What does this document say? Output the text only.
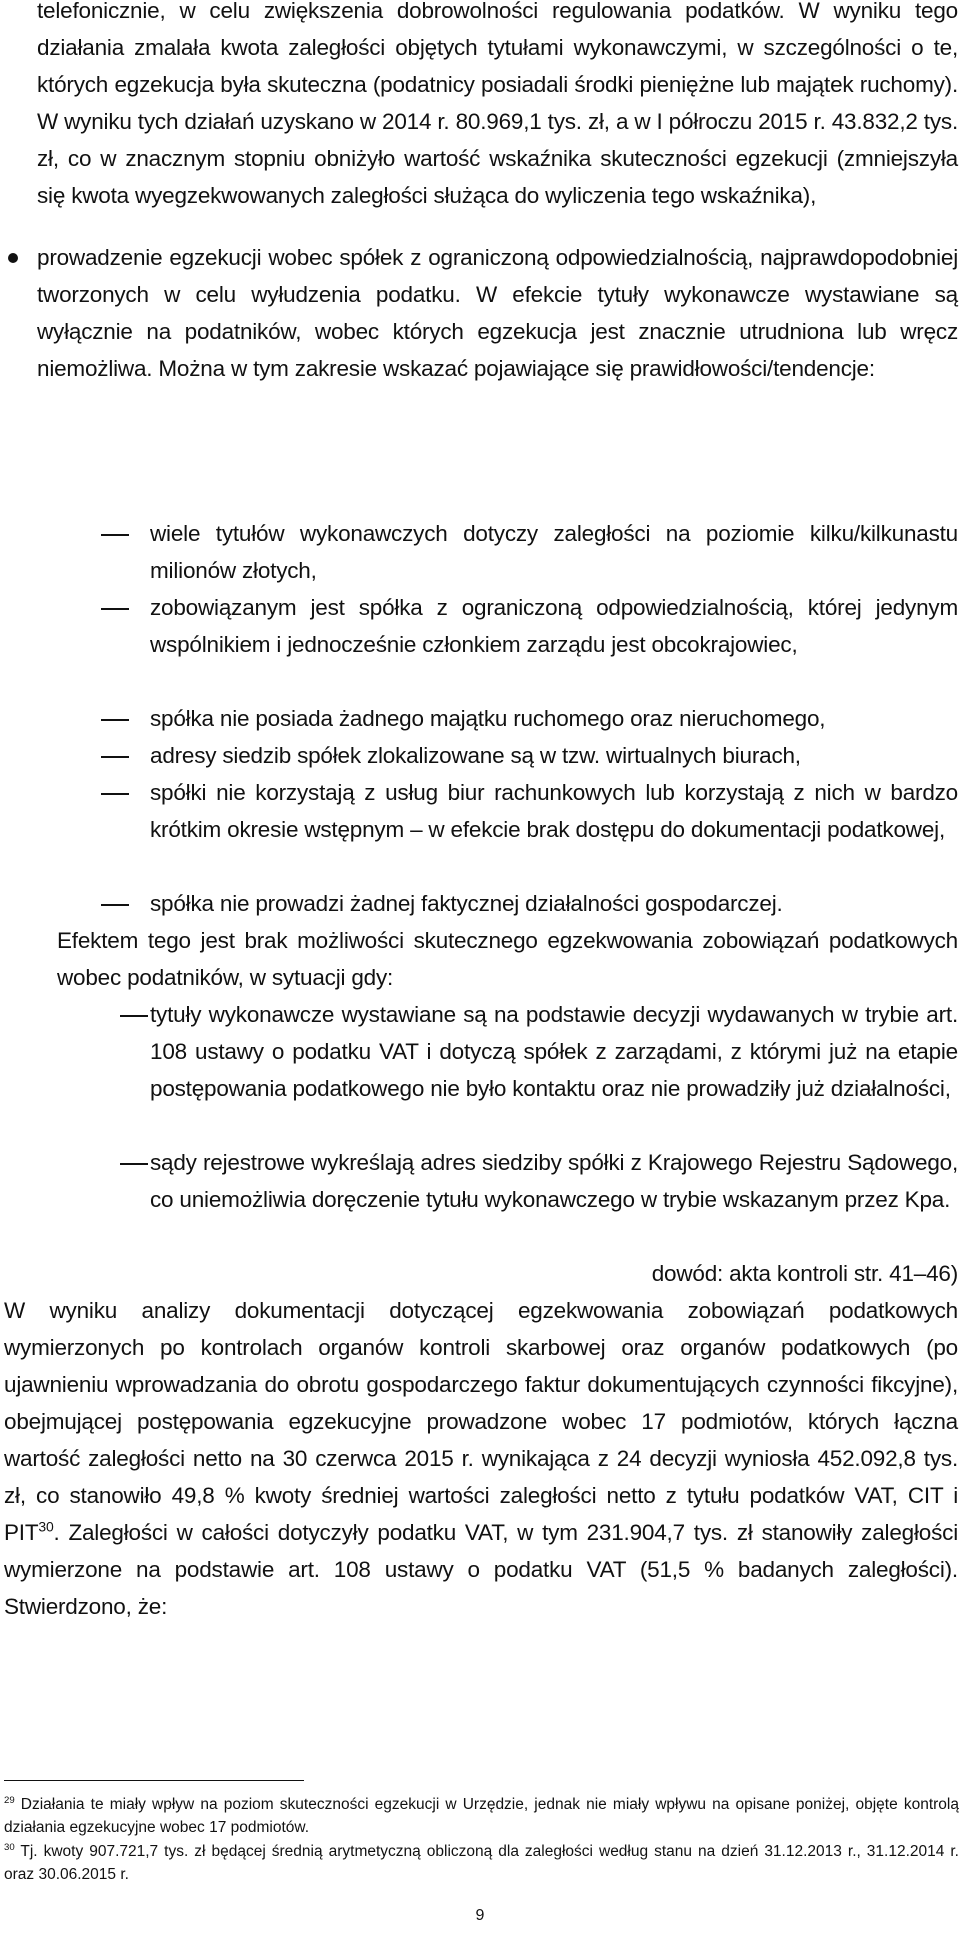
telefonicznie, w celu zwiększenia dobrowolności regulowania podatków. W wyniku tego działania zmalała kwota zaległości objętych tytułami wykonawczymi, w szczególności o te, których egzekucja była skuteczna (podatnicy posiadali środki pieniężne lub majątek ruchomy). W wyniku tych działań uzyskano w 2014 r. 80.969,1 tys. zł, a w I półroczu 2015 r. 43.832,2 tys. zł, co w znacznym stopniu obniżyło wartość wskaźnika skuteczności egzekucji (zmniejszyła się kwota wyegzekwowanych zaległości służąca do wyliczenia tego wskaźnika),
prowadzenie egzekucji wobec spółek z ograniczoną odpowiedzialnością, najprawdopodobniej tworzonych w celu wyłudzenia podatku. W efekcie tytuły wykonawcze wystawiane są wyłącznie na podatników, wobec których egzekucja jest znacznie utrudniona lub wręcz niemożliwa. Można w tym zakresie wskazać pojawiające się prawidłowości/tendencje:
wiele tytułów wykonawczych dotyczy zaległości na poziomie kilku/kilkunastu milionów złotych,
zobowiązanym jest spółka z ograniczoną odpowiedzialnością, której jedynym wspólnikiem i jednocześnie członkiem zarządu jest obcokrajowiec,
spółka nie posiada żadnego majątku ruchomego oraz nieruchomego,
adresy siedzib spółek zlokalizowane są w tzw. wirtualnych biurach,
spółki nie korzystają z usług biur rachunkowych lub korzystają z nich w bardzo krótkim okresie wstępnym – w efekcie brak dostępu do dokumentacji podatkowej,
spółka nie prowadzi żadnej faktycznej działalności gospodarczej.
Efektem tego jest brak możliwości skutecznego egzekwowania zobowiązań podatkowych wobec podatników, w sytuacji gdy:
tytuły wykonawcze wystawiane są na podstawie decyzji wydawanych w trybie art. 108 ustawy o podatku VAT i dotyczą spółek z zarządami, z którymi już na etapie postępowania podatkowego nie było kontaktu oraz nie prowadziły już działalności,
sądy rejestrowe wykreślają adres siedziby spółki z Krajowego Rejestru Sądowego, co uniemożliwia doręczenie tytułu wykonawczego w trybie wskazanym przez Kpa.
dowód: akta kontroli str. 41–46)
W wyniku analizy dokumentacji dotyczącej egzekwowania zobowiązań podatkowych wymierzonych po kontrolach organów kontroli skarbowej oraz organów podatkowych (po ujawnieniu wprowadzania do obrotu gospodarczego faktur dokumentujących czynności fikcyjne), obejmującej postępowania egzekucyjne prowadzone wobec 17 podmiotów, których łączna wartość zaległości netto na 30 czerwca 2015 r. wynikająca z 24 decyzji wyniosła 452.092,8 tys. zł, co stanowiło 49,8 % kwoty średniej wartości zaległości netto z tytułu podatków VAT, CIT i PIT$^{30}$. Zaległości w całości dotyczyły podatku VAT, w tym 231.904,7 tys. zł stanowiły zaległości wymierzone na podstawie art. 108 ustawy o podatku VAT (51,5 % badanych zaległości). Stwierdzono, że:
$^{29}$ Działania te miały wpływ na poziom skuteczności egzekucji w Urzędzie, jednak nie miały wpływu na opisane poniżej, objęte kontrolą działania egzekucyjne wobec 17 podmiotów.
$^{30}$ Tj. kwoty 907.721,7 tys. zł będącej średnią arytmetyczną obliczoną dla zaległości według stanu na dzień 31.12.2013 r., 31.12.2014 r. oraz 30.06.2015 r.
9
